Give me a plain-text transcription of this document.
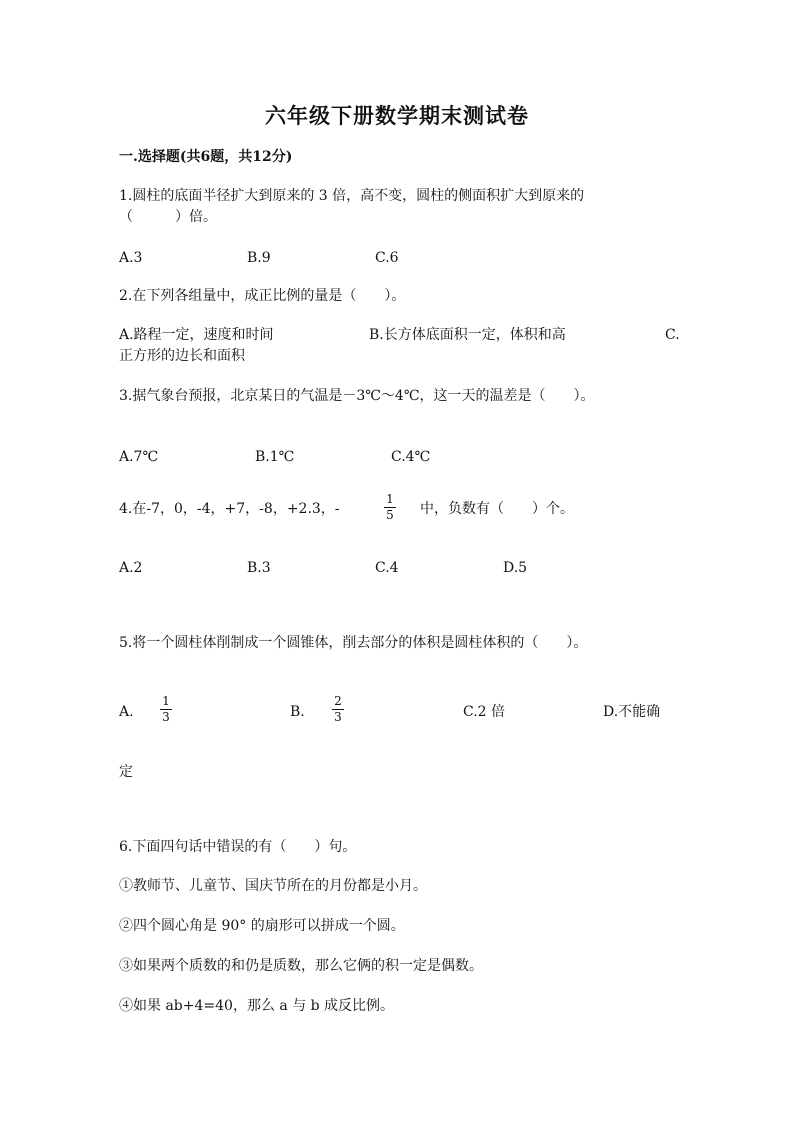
六年级下册数学期末测试卷
一.选择题(共6题，共12分)
1.圆柱的底面半径扩大到原来的 3 倍，高不变，圆柱的侧面积扩大到原来的
（　　　）倍。
A.3	B.9	C.6
2.在下列各组量中，成正比例的量是（　　）。
A.路程一定，速度和时间	B.长方体底面积一定，体积和高	C.
正方形的边长和面积
3.据气象台预报，北京某日的气温是－3℃～4℃，这一天的温差是（　　）。
A.7℃	B.1℃	C.4℃
4.在-7，0，-4，+7，-8，+2.3，-
1
5 中，负数有（　　）个。
A.2	B.3	C.4	D.5
5.将一个圆柱体削制成一个圆锥体，削去部分的体积是圆柱体积的（　　）。
A.
1
3	B.
2
3	C.2 倍	D.不能确
定
6.下面四句话中错误的有（　　）句。
①教师节、儿童节、国庆节所在的月份都是小月。
②四个圆心角是 90° 的扇形可以拼成一个圆。
③如果两个质数的和仍是质数，那么它俩的积一定是偶数。
④如果 ab+4=40，那么 a 与 b 成反比例。
